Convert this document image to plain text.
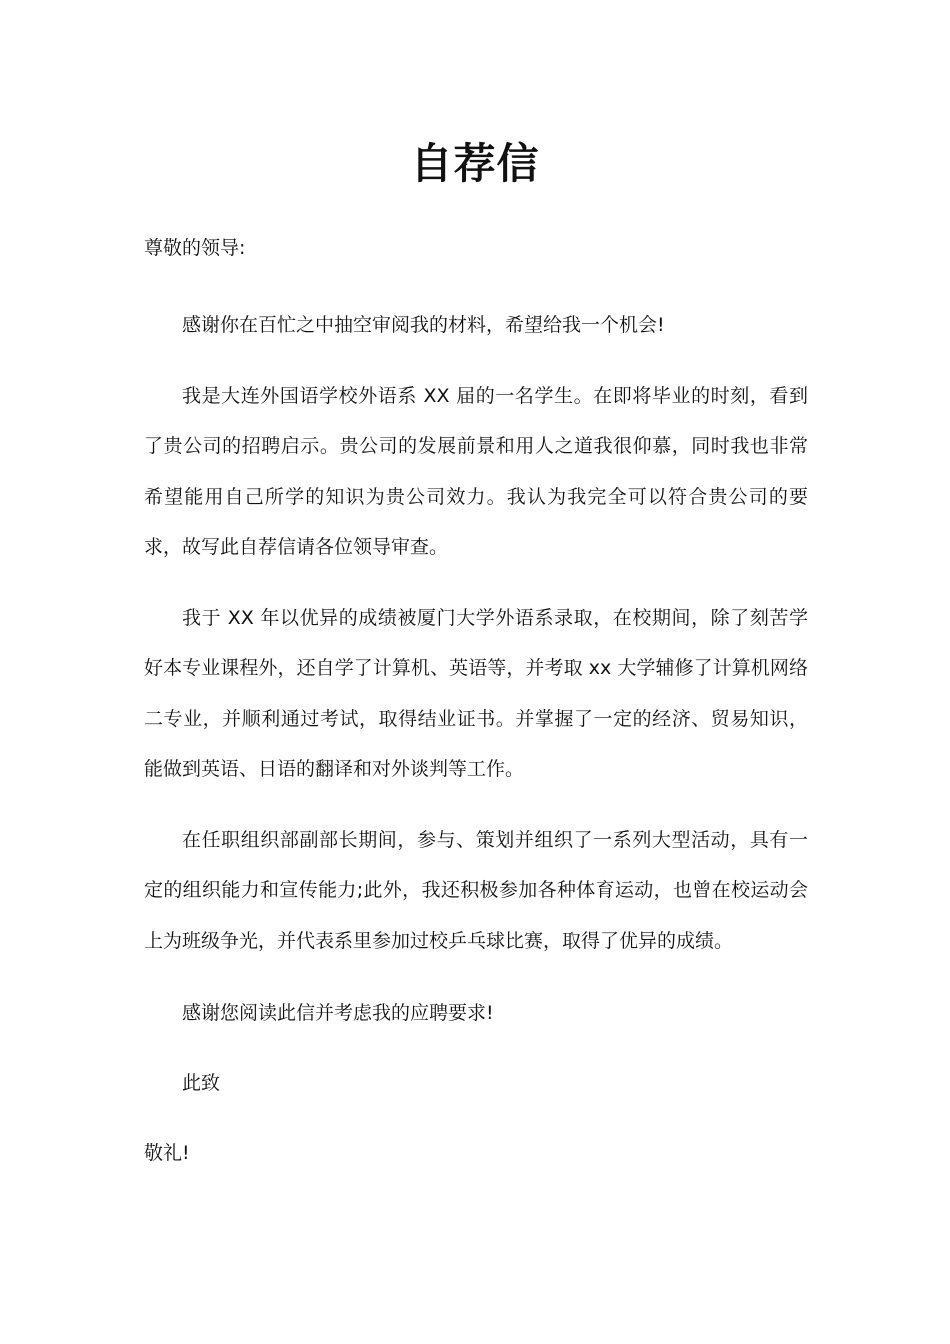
自荐信

尊敬的领导:

感谢你在百忙之中抽空审阅我的材料，希望给我一个机会!

我是大连外国语学校外语系 XX 届的一名学生。在即将毕业的时刻，看到了贵公司的招聘启示。贵公司的发展前景和用人之道我很仰慕，同时我也非常希望能用自己所学的知识为贵公司效力。我认为我完全可以符合贵公司的要求，故写此自荐信请各位领导审查。

我于 XX 年以优异的成绩被厦门大学外语系录取，在校期间，除了刻苦学好本专业课程外，还自学了计算机、英语等，并考取 xx 大学辅修了计算机网络二专业，并顺利通过考试，取得结业证书。并掌握了一定的经济、贸易知识，能做到英语、日语的翻译和对外谈判等工作。

在任职组织部副部长期间，参与、策划并组织了一系列大型活动，具有一定的组织能力和宣传能力;此外，我还积极参加各种体育运动，也曾在校运动会上为班级争光，并代表系里参加过校乒乓球比赛，取得了优异的成绩。

感谢您阅读此信并考虑我的应聘要求!

此致

敬礼!
